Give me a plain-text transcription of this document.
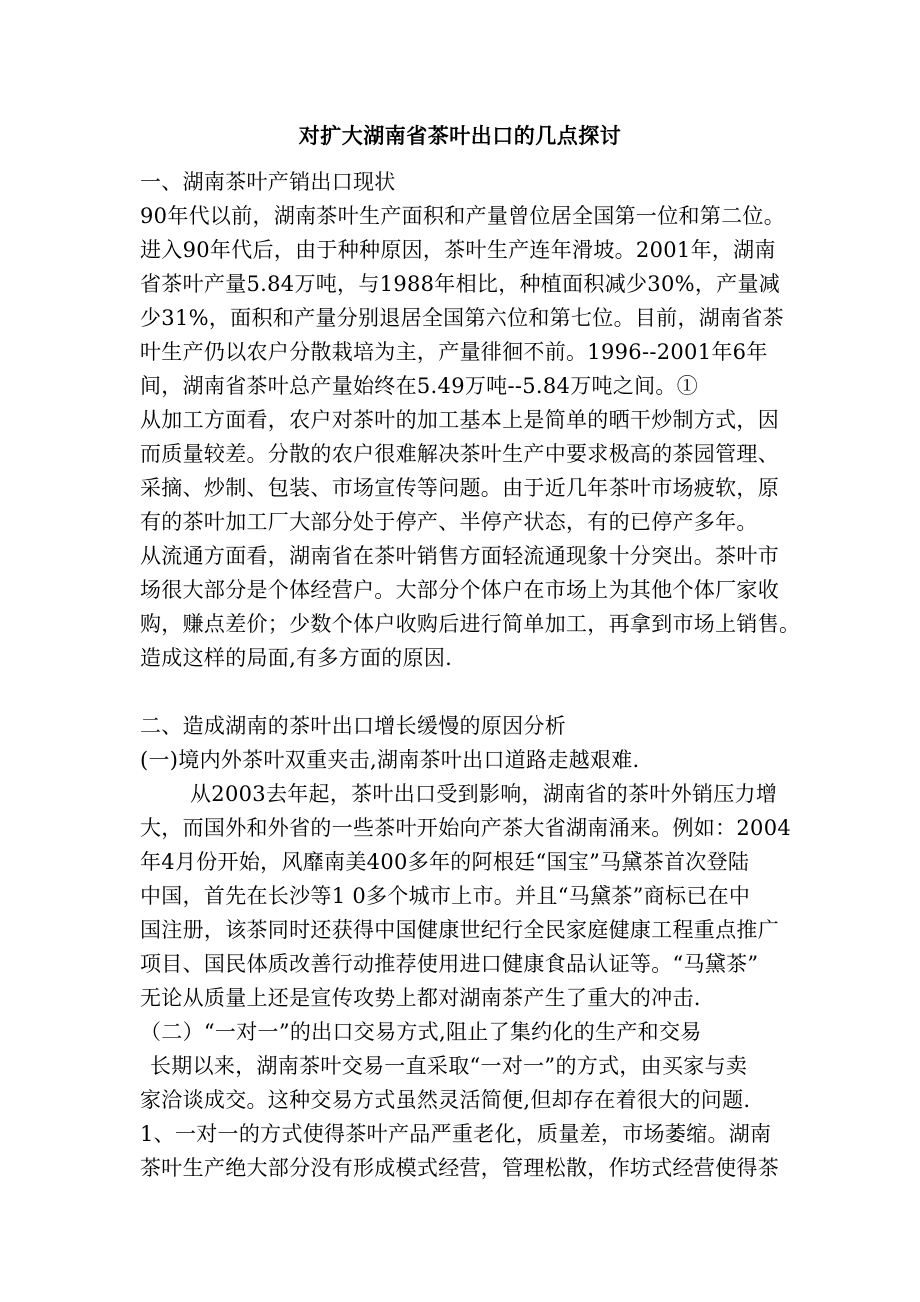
对扩大湖南省茶叶出口的几点探讨
一、湖南茶叶产销出口现状
90年代以前，湖南茶叶生产面积和产量曾位居全国第一位和第二位。
进入90年代后，由于种种原因，茶叶生产连年滑坡。2001年，湖南
省茶叶产量5.84万吨，与1988年相比，种植面积减少30%，产量减
少31%，面积和产量分别退居全国第六位和第七位。目前，湖南省茶
叶生产仍以农户分散栽培为主，产量徘徊不前。1996--2001年6年
间，湖南省茶叶总产量始终在5.49万吨--5.84万吨之间。①
从加工方面看，农户对茶叶的加工基本上是简单的晒干炒制方式，因
而质量较差。分散的农户很难解决茶叶生产中要求极高的茶园管理、
采摘、炒制、包装、市场宣传等问题。由于近几年茶叶市场疲软，原
有的茶叶加工厂大部分处于停产、半停产状态，有的已停产多年。
从流通方面看，湖南省在茶叶销售方面轻流通现象十分突出。茶叶市
场很大部分是个体经营户。大部分个体户在市场上为其他个体厂家收
购，赚点差价；少数个体户收购后进行简单加工，再拿到市场上销售。
造成这样的局面,有多方面的原因.
二、造成湖南的茶叶出口增长缓慢的原因分析
(一)境内外茶叶双重夹击,湖南茶叶出口道路走越艰难.
从2003去年起，茶叶出口受到影响，湖南省的茶叶外销压力增
大，而国外和外省的一些茶叶开始向产茶大省湖南涌来。例如：2004
年4月份开始，风靡南美400多年的阿根廷“国宝”马黛茶首次登陆
中国，首先在长沙等1 0多个城市上市。并且“马黛茶”商标已在中
国注册，该茶同时还获得中国健康世纪行全民家庭健康工程重点推广
项目、国民体质改善行动推荐使用进口健康食品认证等。“马黛茶”
无论从质量上还是宣传攻势上都对湖南茶产生了重大的冲击.
（二）“一对一”的出口交易方式,阻止了集约化的生产和交易
长期以来，湖南茶叶交易一直采取“一对一”的方式，由买家与卖
家洽谈成交。这种交易方式虽然灵活简便,但却存在着很大的问题.
1、一对一的方式使得茶叶产品严重老化，质量差，市场萎缩。湖南
茶叶生产绝大部分没有形成模式经营，管理松散，作坊式经营使得茶
